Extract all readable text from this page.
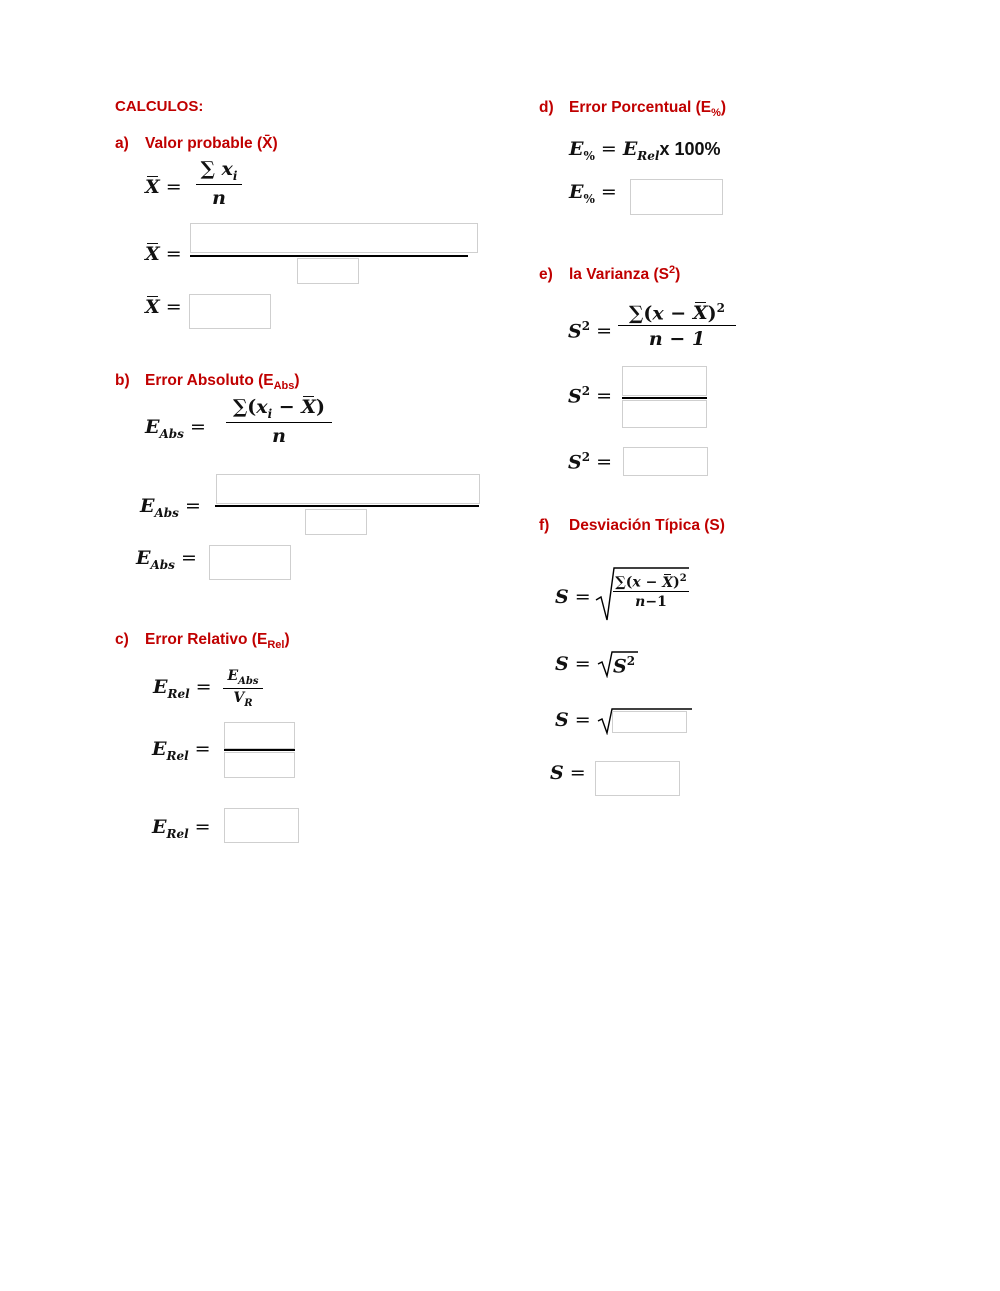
CALCULOS:
a) Valor probable (X̄)
$X = \frac{\sum x_i}{n}$
X =
X =
b) Error Absoluto $(E_{Abs})$
$E_{Abs}$ =	$\frac{\sum(x_i - X)}{n}$
$E_{Abs}$ =
$E_{Abs}$ =
c) Error Relativo $(E_{Rel})$
$E_{Rel}$ =	$E_{Abs}$
$V_R$
$E_{Rel}$ =
$E_{Rel}$ =
d) Error Porcentual $(E_{\%})$
$E_{\%} = E_{Rel}x$ 100%
$E_{\%}$ =
e) la Varianza $(S^2)$
$S^2 = \frac{\sum(x - X)^2}{n - 1}$
$S^2$ =
$S^2$ =
f) Desviación Típica (S)
S =	$\frac{\sum(x - X)^2}{n-1}$
S =	$S^2$
S =
S =
